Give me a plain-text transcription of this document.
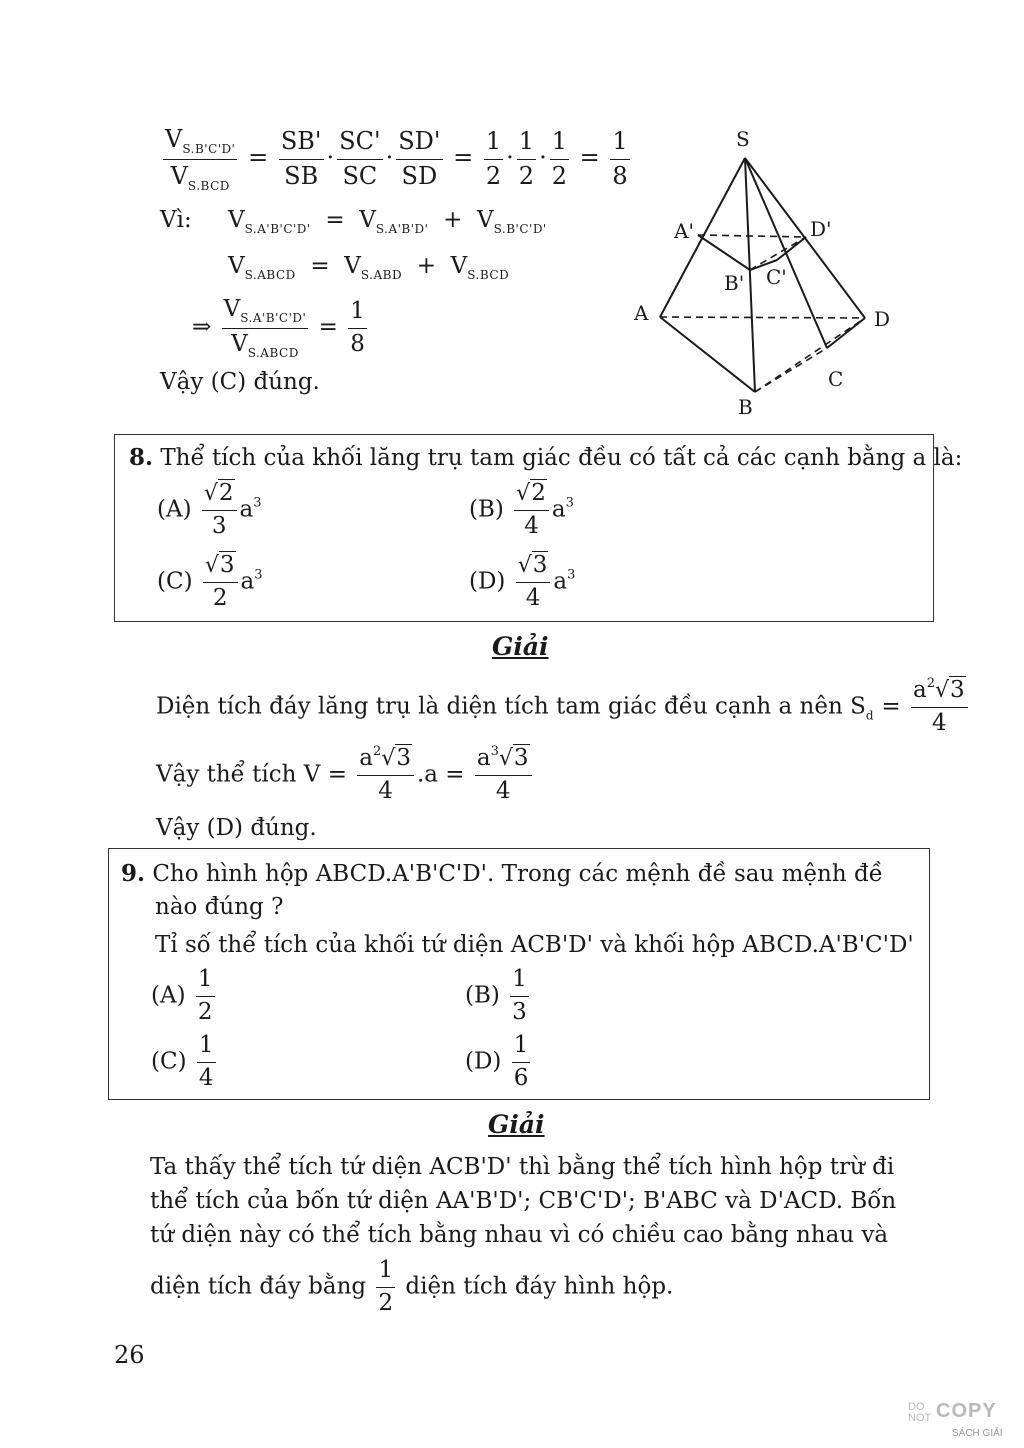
$\frac{V_{S.B'C'D'}}{V_{S.BCD}} = \frac{SB'}{SB} \cdot \frac{SC'}{SC} \cdot \frac{SD'}{SD} = \frac{1}{2} \cdot \frac{1}{2} \cdot \frac{1}{2} = \frac{1}{8}$
Vì: $V_{S.A'B'C'D'} = V_{S.A'B'D'} + V_{S.B'C'D'}$
$V_{S.ABCD} = V_{S.ABD} + V_{S.BCD}$
⇒ $\frac{V_{S.A'B'C'D'}}{V_{S.ABCD}} = \frac{1}{8}$
Vậy (C) đúng.
S
A'	D'
B' C'
A	D
C
B
8. Thể tích của khối lăng trụ tam giác đều có tất cả các cạnh bằng a là:
$(A) \frac{√2}{3} a^3$	$(B) \frac{√2}{4} a^3$
$(C) \frac{√3}{2} a^3$	$(D) \frac{√3}{4} a^3$
Giải
Diện tích đáy lăng trụ là diện tích tam giác đều cạnh a nên $S_d = \frac{a^2√3}{4}$
Vậy thể tích $V = \frac{a^2√3}{4} .a = \frac{a^3√3}{4}$
Vậy (D) đúng.
9. Cho hình hộp ABCD.A'B'C'D'. Trong các mệnh đề sau mệnh đề
nào đúng ?
Tỉ số thể tích của khối tứ diện ACB'D' và khối hộp ABCD.A'B'C'D'
$(A) \frac{1}{2}$	$(B) \frac{1}{3}$
$(C) \frac{1}{4}$	$(D) \frac{1}{6}$
Giải
Ta thấy thể tích tứ diện ACB'D' thì bằng thể tích hình hộp trừ đi
thể tích của bốn tứ diện AA'B'D'; CB'C'D'; B'ABC và D'ACD. Bốn
tứ diện này có thể tích bằng nhau vì có chiều cao bằng nhau và
diện tích đáy bằng $\frac{1}{2}$ diện tích đáy hình hộp.
26
DO
NOT COPY
SÁCH GIẢI
